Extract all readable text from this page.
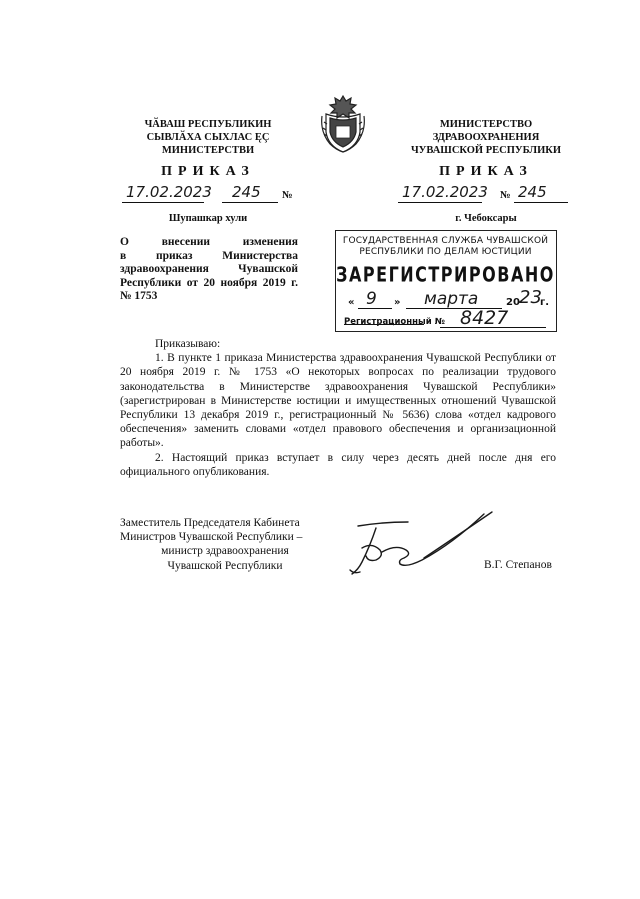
ЧӐВАШ РЕСПУБЛИКИН
СЫВЛӐХА СЫХЛАС ĘÇ
МИНИСТЕРСТВИ
МИНИСТЕРСТВО
ЗДРАВООХРАНЕНИЯ
ЧУВАШСКОЙ РЕСПУБЛИКИ
ПРИКАЗ	ПРИКАЗ
17.02.2023 245 №	17.02.2023 № 245
Шупашкар хули	г. Чебоксары
О внесении изменения
в приказ Министерства
здравоохранения Чувашской
Республики от 20 ноября 2019 г.
№ 1753
ГОСУДАРСТВЕННАЯ СЛУЖБА ЧУВАШСКОЙ
РЕСПУБЛИКИ ПО ДЕЛАМ ЮСТИЦИИ
ЗАРЕГИСТРИРОВАНО
« 9 » марта	20 23
г.
Регистрационный № 8427

Приказываю:

1. В пункте 1 приказа Министерства здравоохранения Чувашской Республики от 20 ноября 2019 г. № 1753 «О некоторых вопросах по реализации трудового законодательства в Министерстве здравоохранения Чувашской Республики» (зарегистрирован в Министерстве юстиции и имущественных отношений Чувашской Республики 13 декабря 2019 г., регистрационный № 5636) слова «отдел кадрового обеспечения» заменить словами «отдел правового обеспечения и организационной работы».

2. Настоящий приказ вступает в силу через десять дней после дня его официального опубликования.

Заместитель Председателя Кабинета
Министров Чувашской Республики –
министр здравоохранения
Чувашской Республики	В.Г. Степанов
